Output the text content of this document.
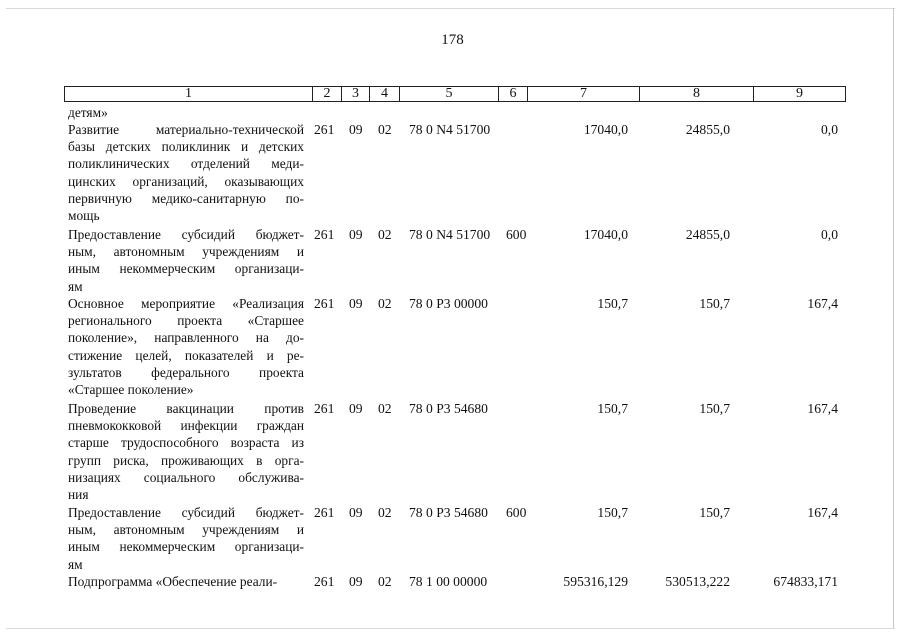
178
1	2	3	4	5	6	7	8	9
детям»
Развитие материально-технической
базы детских поликлиник и детских
поликлинических отделений меди-
цинских организаций, оказывающих
первичную медико-санитарную по-
мощь
261 09 02 78 0 N4 51700	17040,0	24855,0	0,0
Предоставление субсидий бюджет-
ным, автономным учреждениям и
иным некоммерческим организаци-
ям
261 09 02 78 0 N4 51700 600	17040,0	24855,0	0,0
Основное мероприятие «Реализация
регионального проекта «Старшее
поколение», направленного на до-
стижение целей, показателей и ре-
зультатов федерального проекта
«Старшее поколение»
261 09 02 78 0 P3 00000	150,7	150,7	167,4
Проведение вакцинации против
пневмококковой инфекции граждан
старше трудоспособного возраста из
групп риска, проживающих в орга-
низациях социального обслужива-
ния
261 09 02 78 0 P3 54680	150,7	150,7	167,4
Предоставление субсидий бюджет-
ным, автономным учреждениям и
иным некоммерческим организаци-
ям
261 09 02 78 0 P3 54680 600	150,7	150,7	167,4
Подпрограмма «Обеспечение реали-	261 09 02 78 1 00 00000	595316,129	530513,222	674833,171
